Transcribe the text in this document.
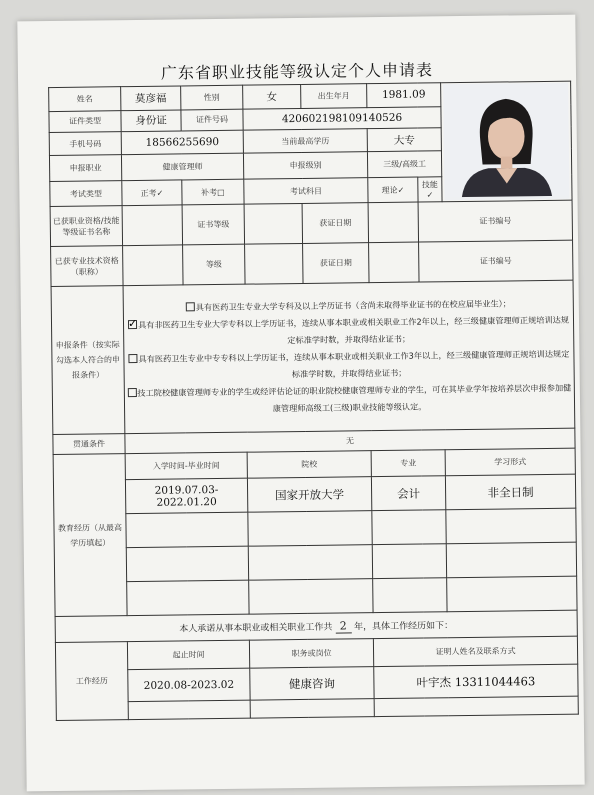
广东省职业技能等级认定个人申请表
姓名	莫彦福	性别	女	出生年月	1981.09	

证件类型	身份证	证件号码	420602198109140526				
手机号码	18566255690		当前最高学历		大专		
申报职业	健康管理师		申报级别		三级/高级工		
考试类型	正考✓	补考□	考试科目		理论✓	技能✓	
已获职业资格/技能等级证书名称		证书等级		获证日期		证书编号	
已获专业技术资格（职称）		等级		获证日期		证书编号	
申报条件（按实际勾选本人符合的申报条件）	具有医药卫生专业大学专科及以上学历证书（含尚未取得毕业证书的在校应届毕业生）；
✓具有非医药卫生专业大学专科以上学历证书，连续从事本职业或相关职业工作2年以上，经三级健康管理师正规培训达规定标准学时数，并取得结业证书；
具有医药卫生专业中专专科以上学历证书，连续从事本职业或相关职业工作3年以上，经三级健康管理师正规培训达规定标准学时数，并取得结业证书；
技工院校健康管理师专业的学生或经评估论证的职业院校健康管理师专业的学生，可在其毕业学年按培养层次申报参加健康管理师高级工(三级)职业技能等级认定。

贯通条件	无						
教育经历（从最高学历填起）	入学时间-毕业时间		院校		专业		学习形式
	2019.07.03-2022.01.20		国家开放大学		会计		非全日制

本人承诺从事本职业或相关职业工作共 2 年，具体工作经历如下：							
工作经历	起止时间		职务或岗位		证明人姓名及联系方式		
	2020.08-2023.02		健康咨询		叶宇杰 13311044463		
